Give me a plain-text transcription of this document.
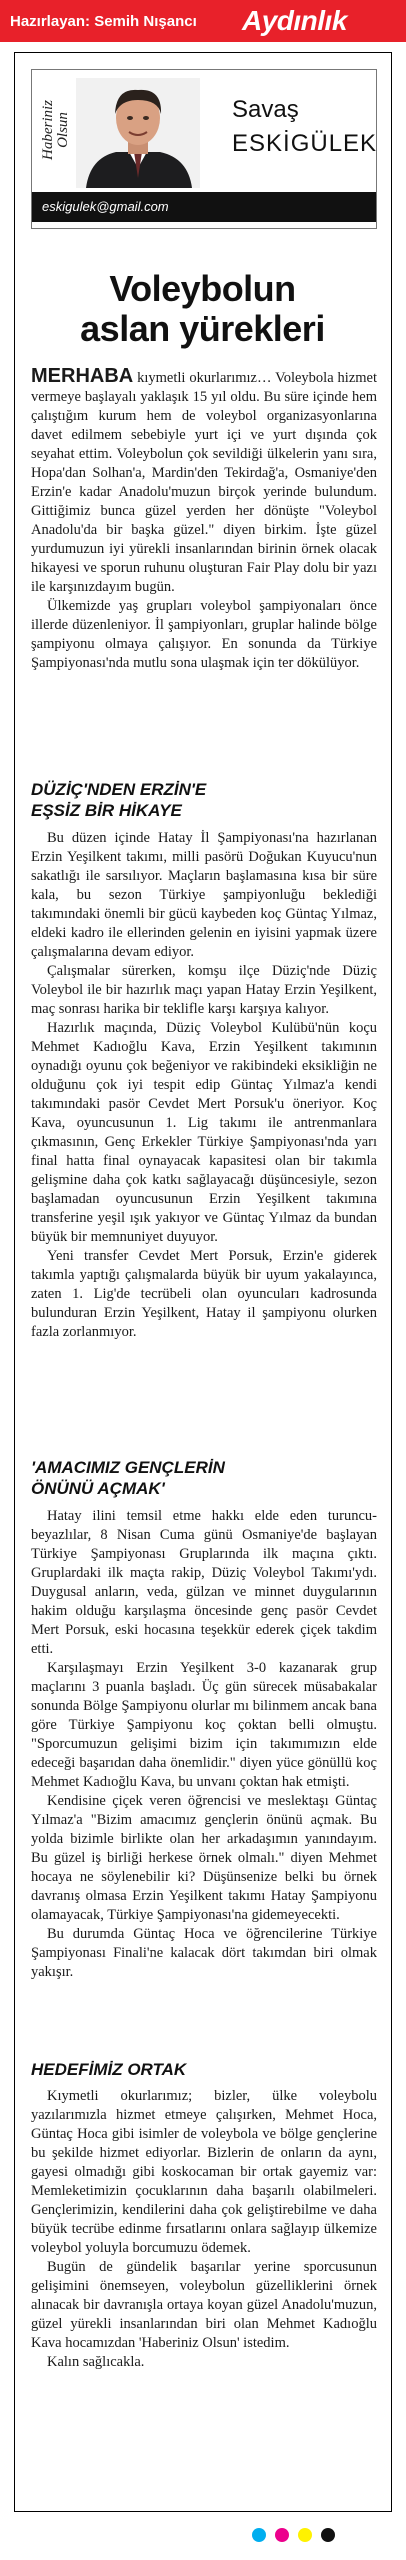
Hazırlayan: Semih Nışancı	Aydınlık
Haberiniz Olsun
Savaş
ESKİGÜLEK
eskigulek@gmail.com
Voleybolun
aslan yürekleri

MERHABA kıymetli okurlarımız… Voleybola hizmet vermeye başlayalı yaklaşık 15 yıl oldu. Bu süre içinde hem çalıştığım kurum hem de voleybol organizasyonlarına davet edilmem sebebiyle yurt içi ve yurt dışında çok seyahat ettim. Voleybolun çok sevildiği ülkelerin yanı sıra, Hopa'dan Solhan'a, Mardin'den Tekirdağ'a, Osmaniye'den Erzin'e kadar Anadolu'muzun birçok yerinde bulundum. Gittiğimiz bunca güzel yerden her dönüşte "Voleybol Anadolu'da bir başka güzel." diyen birkim. İşte güzel yurdumuzun iyi yürekli insanlarından birinin örnek olacak hikayesi ve sporun ruhunu oluşturan Fair Play dolu bir yazı ile karşınızdayım bugün.

Ülkemizde yaş grupları voleybol şampiyonaları önce illerde düzenleniyor. İl şampiyonları, gruplar halinde bölge şampiyonu olmaya çalışıyor. En sonunda da Türkiye Şampiyonası'nda mutlu sona ulaşmak için ter dökülüyor.

DÜZİÇ'NDEN ERZİN'E
EŞSİZ BİR HİKAYE

Bu düzen içinde Hatay İl Şampiyonası'na hazırlanan Erzin Yeşilkent takımı, milli pasörü Doğukan Kuyucu'nun sakatlığı ile sarsılıyor. Maçların başlamasına kısa bir süre kala, bu sezon Türkiye şampiyonluğu beklediği takımındaki önemli bir gücü kaybeden koç Güntaç Yılmaz, eldeki kadro ile ellerinden gelenin en iyisini yapmak üzere çalışmalarına devam ediyor.

Çalışmalar sürerken, komşu ilçe Düziç'nde Düziç Voleybol ile bir hazırlık maçı yapan Hatay Erzin Yeşilkent, maç sonrası harika bir teklifle karşı karşıya kalıyor.

Hazırlık maçında, Düziç Voleybol Kulübü'nün koçu Mehmet Kadıoğlu Kava, Erzin Yeşilkent takımının oynadığı oyunu çok beğeniyor ve rakibindeki eksikliğin ne olduğunu çok iyi tespit edip Güntaç Yılmaz'a kendi takımındaki pasör Cevdet Mert Porsuk'u öneriyor. Koç Kava, oyuncusunun 1. Lig takımı ile antrenmanlara çıkmasının, Genç Erkekler Türkiye Şampiyonası'nda yarı final hatta final oynayacak kapasitesi olan bir takımla gelişmine daha çok katkı sağlayacağı düşüncesiyle, sezon başlamadan oyuncusunun Erzin Yeşilkent takımına transferine yeşil ışık yakıyor ve Güntaç Yılmaz da bundan büyük bir memnuniyet duyuyor.

Yeni transfer Cevdet Mert Porsuk, Erzin'e giderek takımla yaptığı çalışmalarda büyük bir uyum yakalayınca, zaten 1. Lig'de tecrübeli olan oyuncuları kadrosunda bulunduran Erzin Yeşilkent, Hatay il şampiyonu olurken fazla zorlanmıyor.

'AMACIMIZ GENÇLERİN
ÖNÜNÜ AÇMAK'

Hatay ilini temsil etme hakkı elde eden turuncu-beyazlılar, 8 Nisan Cuma günü Osmaniye'de başlayan Türkiye Şampiyonası Gruplarında ilk maçına çıktı. Gruplardaki ilk maçta rakip, Düziç Voleybol Takımı'ydı. Duygusal anların, veda, gülzan ve minnet duygularının hakim olduğu karşılaşma öncesinde genç pasör Cevdet Mert Porsuk, eski hocasına teşekkür ederek çiçek takdim etti.

Karşılaşmayı Erzin Yeşilkent 3-0 kazanarak grup maçlarını 3 puanla başladı. Üç gün sürecek müsabakalar sonunda Bölge Şampiyonu olurlar mı bilinmem ancak bana göre Türkiye Şampiyonu koç çoktan belli olmuştu. "Sporcumuzun gelişimi bizim için takımımızın elde edeceği başarıdan daha önemlidir." diyen yüce gönüllü koç Mehmet Kadıoğlu Kava, bu unvanı çoktan hak etmişti.

Kendisine çiçek veren öğrencisi ve meslektaşı Güntaç Yılmaz'a "Bizim amacımız gençlerin önünü açmak. Bu yolda bizimle birlikte olan her arkadaşımın yanındayım. Bu güzel iş birliği herkese örnek olmalı." diyen Mehmet hocaya ne söylenebilir ki? Düşünsenize belki bu örnek davranış olmasa Erzin Yeşilkent takımı Hatay Şampiyonu olamayacak, Türkiye Şampiyonası'na gidemeyecekti.

Bu durumda Güntaç Hoca ve öğrencilerine Türkiye Şampiyonası Finali'ne kalacak dört takımdan biri olmak yakışır.

HEDEFİMİZ ORTAK

Kıymetli okurlarımız; bizler, ülke voleybolu yazılarımızla hizmet etmeye çalışırken, Mehmet Hoca, Güntaç Hoca gibi isimler de voleybola ve bölge gençlerine bu şekilde hizmet ediyorlar. Bizlerin de onların da aynı, gayesi olmadığı gibi koskocaman bir ortak gayemiz var: Memleketimizin çocuklarının daha başarılı olabilmeleri. Gençlerimizin, kendilerini daha çok geliştirebilme ve daha büyük tecrübe edinme fırsatlarını onlara sağlayıp ülkemize voleybol yoluyla borcumuzu ödemek.

Bugün de gündelik başarılar yerine sporcusunun gelişimini önemseyen, voleybolun güzelliklerini örnek alınacak bir davranışla ortaya koyan güzel Anadolu'muzun, güzel yürekli insanlarından biri olan Mehmet Kadıoğlu Kava hocamızdan 'Haberiniz Olsun' istedim.

Kalın sağlıcakla.
